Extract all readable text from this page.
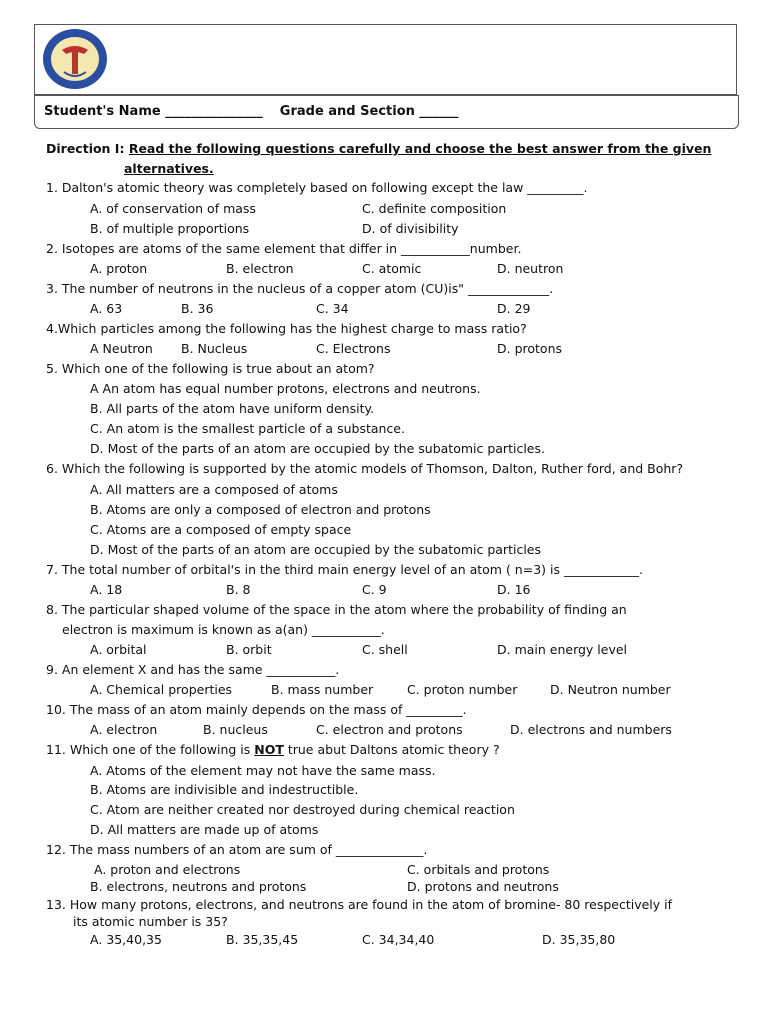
Student's Name _______________ Grade and Section ______
Direction I: Read the following questions carefully and choose the best answer from the given
alternatives.
1. Dalton's atomic theory was completely based on following except the law _________.
A. of conservation of mass	C. definite composition
B. of multiple proportions	D. of divisibility
2. Isotopes are atoms of the same element that differ in ___________number.
A. proton	B. electron	C. atomic	D. neutron
3. The number of neutrons in the nucleus of a copper atom (CU)is" _____________.
A. 63	B. 36	C. 34	D. 29
4.Which particles among the following has the highest charge to mass ratio?
A Neutron B. Nucleus	C. Electrons	D. protons
5. Which one of the following is true about an atom?
A An atom has equal number protons, electrons and neutrons.
B. All parts of the atom have uniform density.
C. An atom is the smallest particle of a substance.
D. Most of the parts of an atom are occupied by the subatomic particles.
6. Which the following is supported by the atomic models of Thomson, Dalton, Ruther ford, and Bohr?
A. All matters are a composed of atoms
B. Atoms are only a composed of electron and protons
C. Atoms are a composed of empty space
D. Most of the parts of an atom are occupied by the subatomic particles
7. The total number of orbital's in the third main energy level of an atom ( n=3) is ____________.
A. 18	B. 8	C. 9	D. 16
8. The particular shaped volume of the space in the atom where the probability of finding an
electron is maximum is known as a(an) ___________.
A. orbital	B. orbit	C. shell	D. main energy level
9. An element X and has the same ___________.
A. Chemical properties	B. mass number	C. proton number	D. Neutron number
10. The mass of an atom mainly depends on the mass of _________.
A. electron	B. nucleus	C. electron and protons	D. electrons and numbers
A. Atoms of the element may not have the same mass.
B. Atoms are indivisible and indestructible.
C. Atom are neither created nor destroyed during chemical reaction
D. All matters are made up of atoms
12. The mass numbers of an atom are sum of ______________.
A. proton and electrons	C. orbitals and protons
B. electrons, neutrons and protons	D. protons and neutrons
13. How many protons, electrons, and neutrons are found in the atom of bromine- 80 respectively if
its atomic number is 35?
A. 35,40,35	B. 35,35,45	C. 34,34,40	D. 35,35,80
11. Which one of the following is NOT true abut Daltons atomic theory ?
